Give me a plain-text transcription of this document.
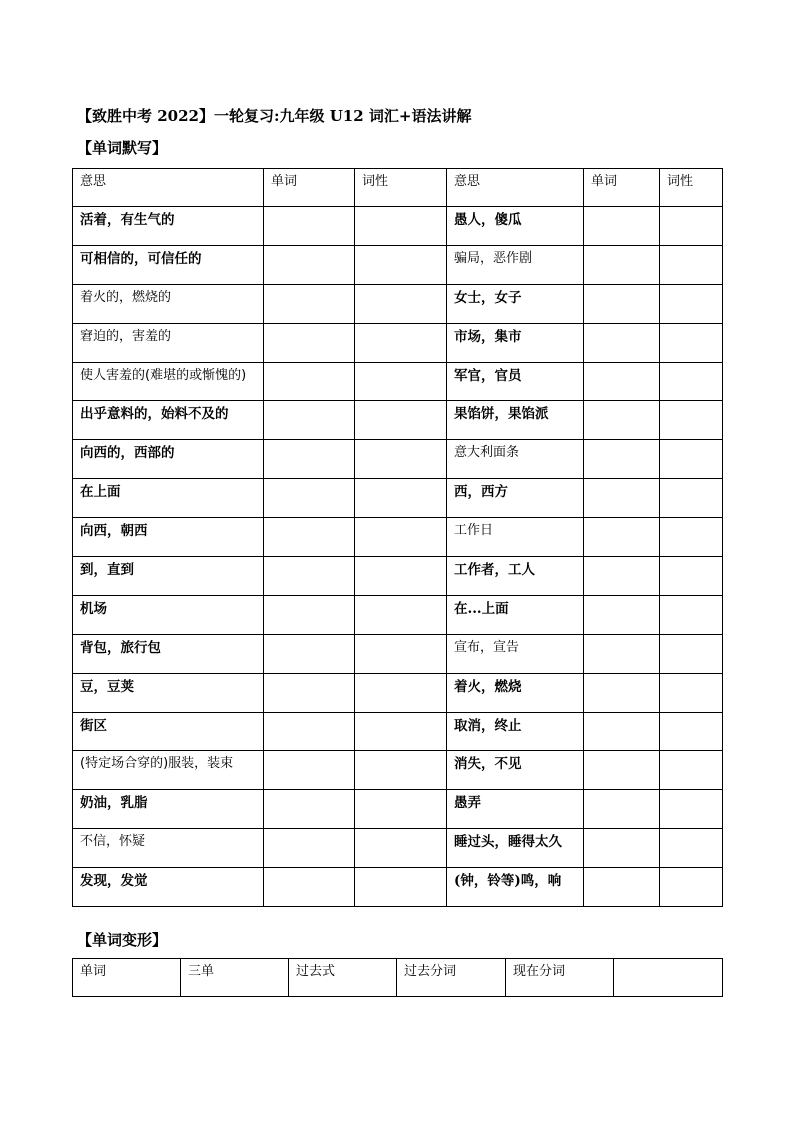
【致胜中考 2022】一轮复习:九年级 U12 词汇+语法讲解
【单词默写】
意思	单词	词性	意思	单词	词性
活着，有生气的			愚人，傻瓜		
可相信的，可信任的			骗局，恶作剧		
着火的，燃烧的			女士，女子		
窘迫的，害羞的			市场，集市		
使人害羞的(难堪的或惭愧的)			军官，官员		
出乎意料的，始料不及的			果馅饼，果馅派		
向西的，西部的			意大利面条		
在上面			西，西方		
向西，朝西			工作日		
到，直到			工作者，工人		
机场			在...上面		
背包，旅行包			宣布，宣告		
豆，豆荚			着火，燃烧		
街区			取消，终止		
(特定场合穿的)服装，装束			消失，不见		
奶油，乳脂			愚弄		
不信，怀疑			睡过头，睡得太久		
发现，发觉			(钟，铃等)鸣，响		
【单词变形】
单词	三单	过去式	过去分词	现在分词	
